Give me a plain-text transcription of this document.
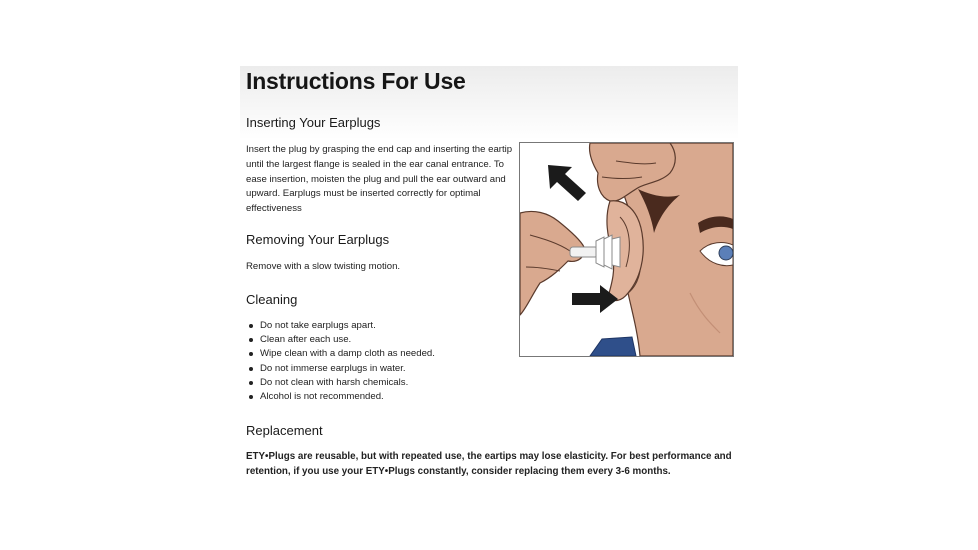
Instructions For Use
Inserting Your Earplugs

Insert the plug by grasping the end cap and inserting the eartip
until the largest flange is sealed in the ear canal entrance. To
ease insertion, moisten the plug and pull the ear outward and
upward. Earplugs must be inserted correctly for optimal
effectiveness

Removing Your Earplugs

Remove with a slow twisting motion.

Cleaning
Do not take earplugs apart.
Clean after each use.
Wipe clean with a damp cloth as needed.
Do not immerse earplugs in water.
Do not clean with harsh chemicals.
Alcohol is not recommended.
Replacement

ETY•Plugs are reusable, but with repeated use, the eartips may lose elasticity. For best performance and
retention, if you use your ETY•Plugs constantly, consider replacing them every 3-6 months.
